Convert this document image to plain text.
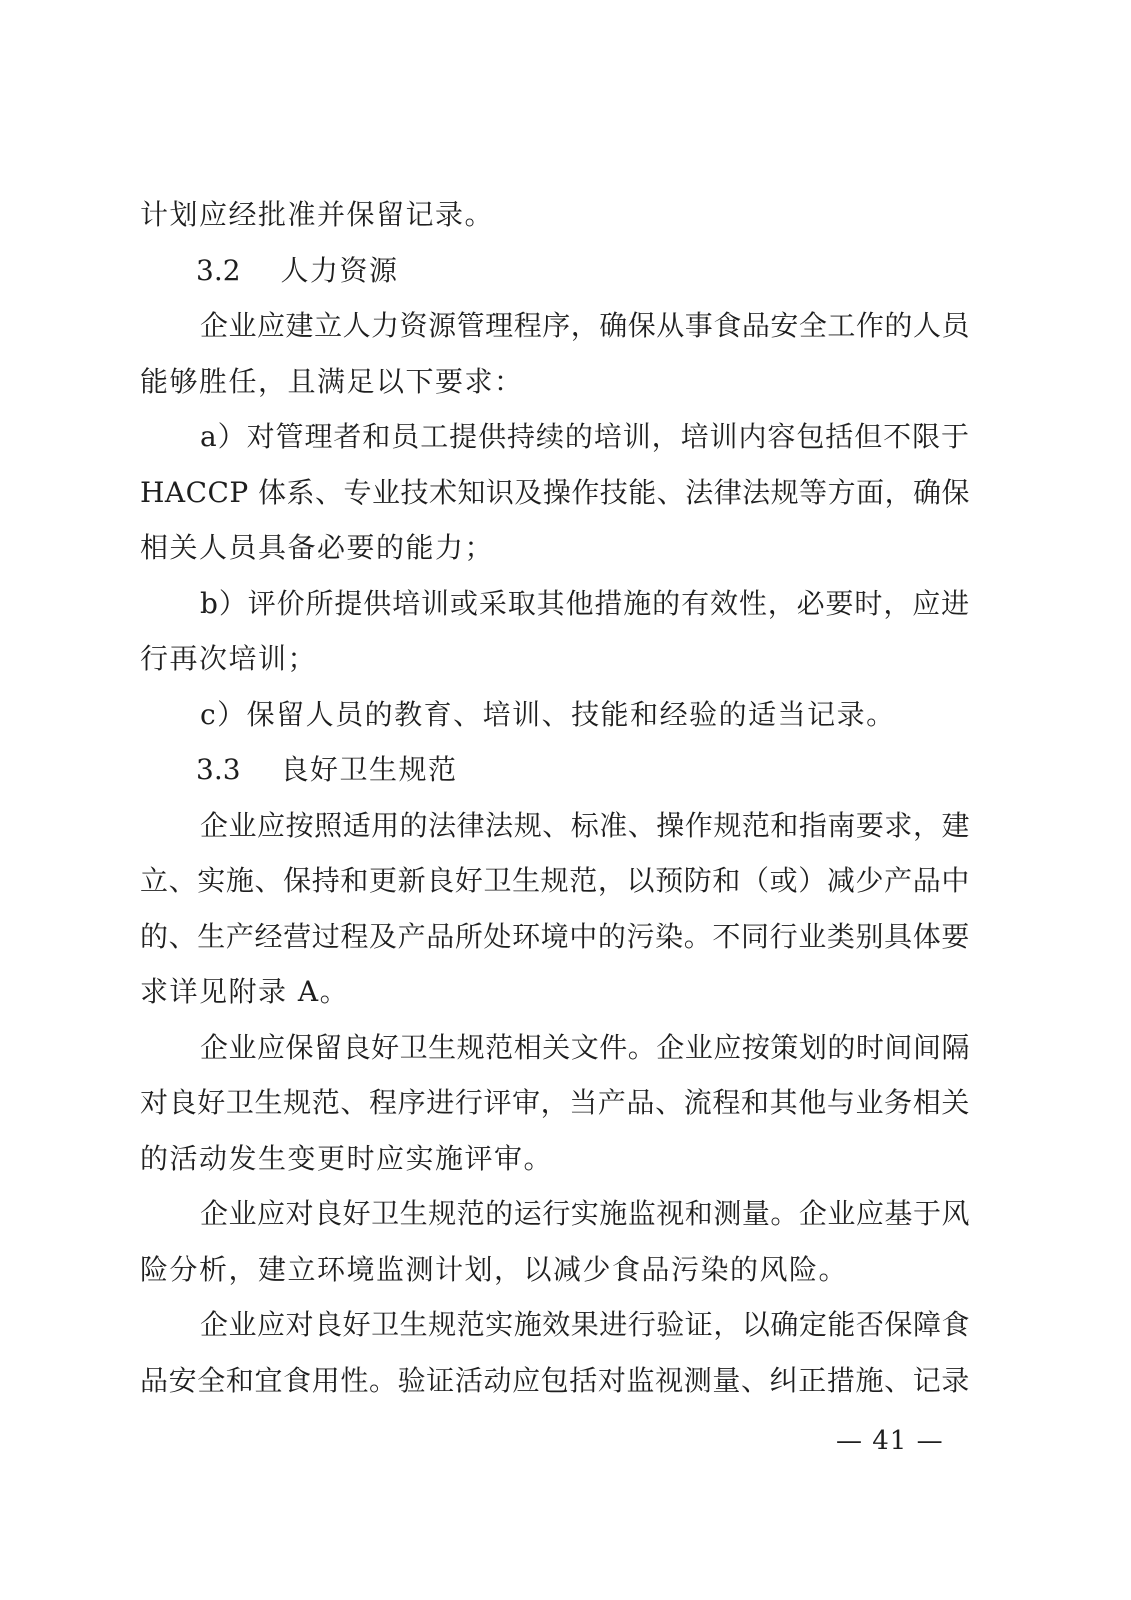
计划应经批准并保留记录。
3.2 人力资源
企业应建立人力资源管理程序，确保从事食品安全工作的人员
能够胜任，且满足以下要求：
a）对管理者和员工提供持续的培训，培训内容包括但不限于
HACCP 体系、专业技术知识及操作技能、法律法规等方面，确保
相关人员具备必要的能力；
b）评价所提供培训或采取其他措施的有效性，必要时，应进
行再次培训；
c）保留人员的教育、培训、技能和经验的适当记录。
3.3 良好卫生规范
企业应按照适用的法律法规、标准、操作规范和指南要求，建
立、实施、保持和更新良好卫生规范，以预防和（或）减少产品中
的、生产经营过程及产品所处环境中的污染。不同行业类别具体要
求详见附录 A。
企业应保留良好卫生规范相关文件。企业应按策划的时间间隔
对良好卫生规范、程序进行评审，当产品、流程和其他与业务相关
的活动发生变更时应实施评审。
企业应对良好卫生规范的运行实施监视和测量。企业应基于风
险分析，建立环境监测计划，以减少食品污染的风险。
企业应对良好卫生规范实施效果进行验证，以确定能否保障食
品安全和宜食用性。验证活动应包括对监视测量、纠正措施、记录
— 41 —
